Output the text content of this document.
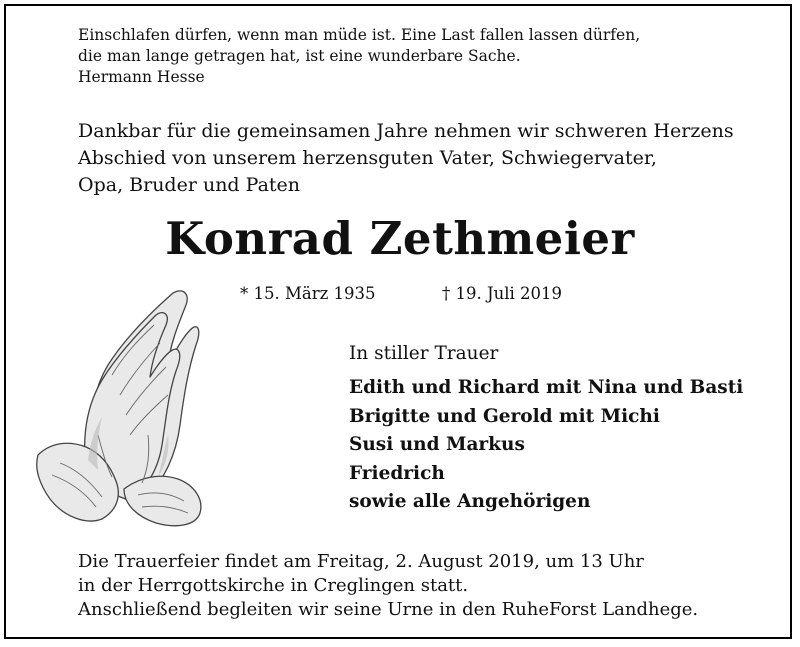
Einschlafen dürfen, wenn man müde ist. Eine Last fallen lassen dürfen,
die man lange getragen hat, ist eine wunderbare Sache.
Hermann Hesse
Dankbar für die gemeinsamen Jahre nehmen wir schweren Herzens
Abschied von unserem herzensguten Vater, Schwiegervater,
Opa, Bruder und Paten
Konrad Zethmeier
* 15. März 1935	† 19. Juli 2019
In stiller Trauer
Edith und Richard mit Nina und Basti
Brigitte und Gerold mit Michi
Susi und Markus
Friedrich
sowie alle Angehörigen
Die Trauerfeier findet am Freitag, 2. August 2019, um 13 Uhr
in der Herrgottskirche in Creglingen statt.
Anschließend begleiten wir seine Urne in den RuheForst Landhege.
